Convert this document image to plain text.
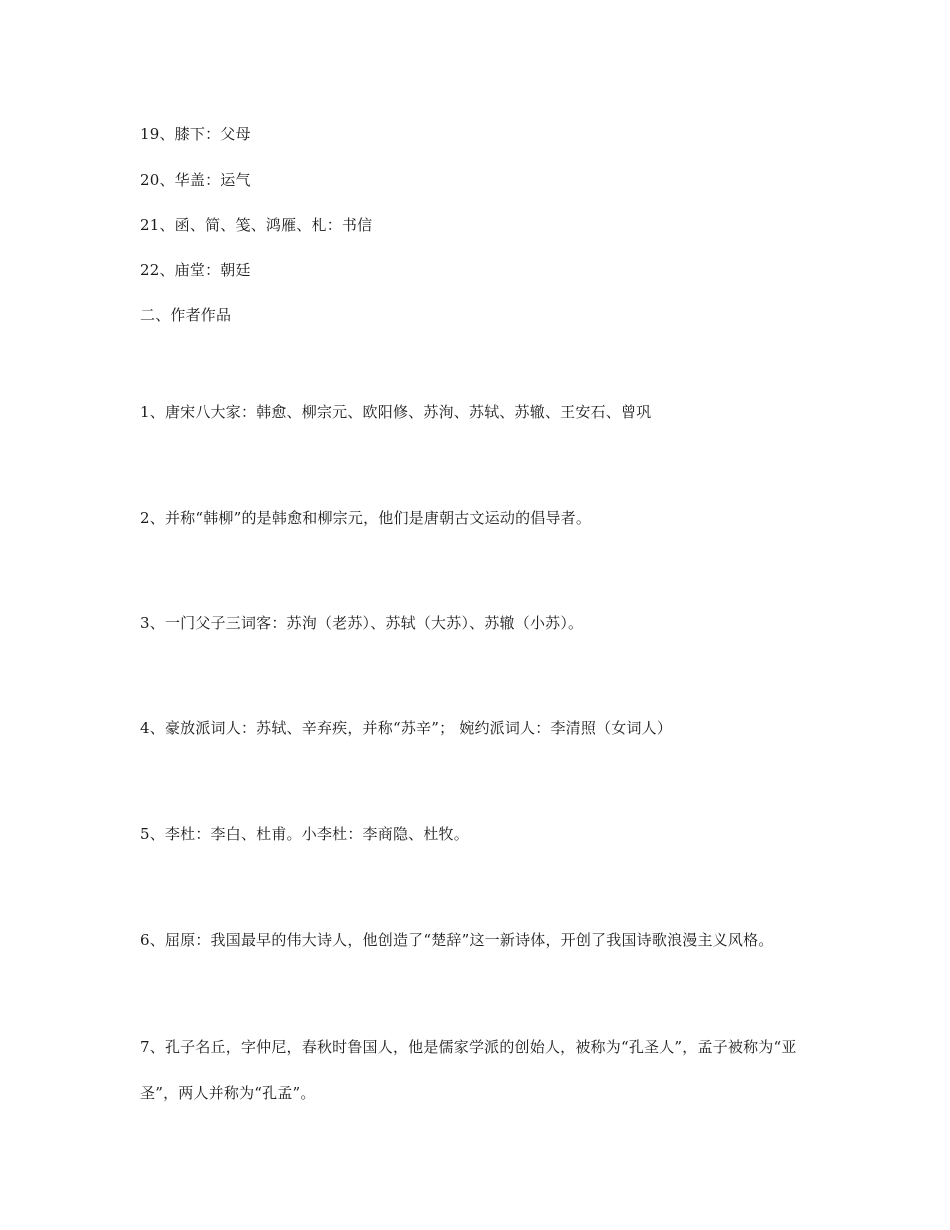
19、膝下：父母
20、华盖：运气
21、函、简、笺、鸿雁、札：书信
22、庙堂：朝廷
二、作者作品
1、唐宋八大家：韩愈、柳宗元、欧阳修、苏洵、苏轼、苏辙、王安石、曾巩
2、并称“韩柳”的是韩愈和柳宗元，他们是唐朝古文运动的倡导者。
3、一门父子三词客：苏洵（老苏）、苏轼（大苏）、苏辙（小苏）。
4、豪放派词人：苏轼、辛弃疾，并称“苏辛”； 婉约派词人：李清照（女词人）
5、李杜：李白、杜甫。小李杜：李商隐、杜牧。
6、屈原：我国最早的伟大诗人，他创造了“楚辞”这一新诗体，开创了我国诗歌浪漫主义风格。
7、孔子名丘，字仲尼，春秋时鲁国人，他是儒家学派的创始人，被称为“孔圣人”，孟子被称为“亚圣”，两人并称为“孔孟”。
